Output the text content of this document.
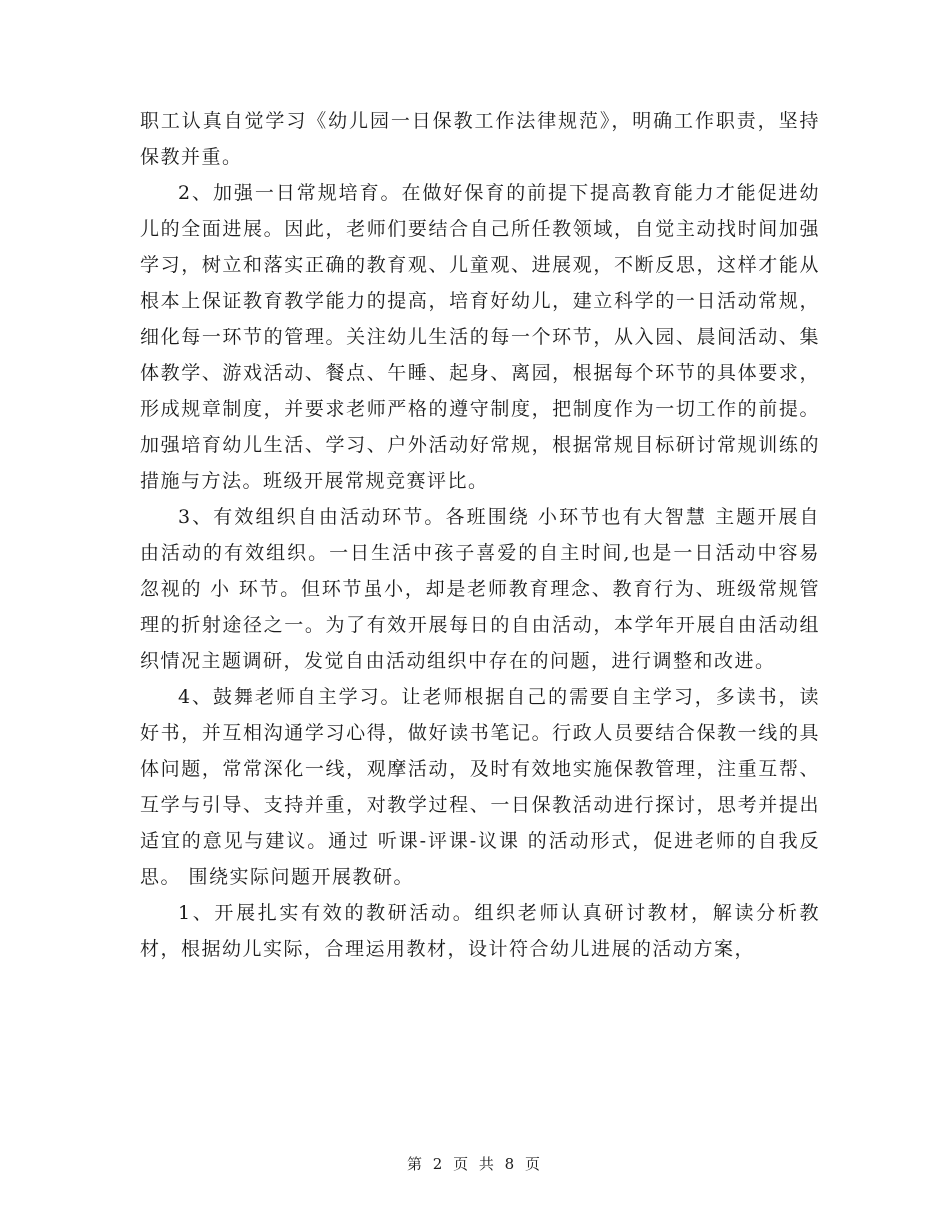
职工认真自觉学习《幼儿园一日保教工作法律规范》，明确工作职责，坚持保教并重。

2、加强一日常规培育。在做好保育的前提下提高教育能力才能促进幼儿的全面进展。因此，老师们要结合自己所任教领域，自觉主动找时间加强学习，树立和落实正确的教育观、儿童观、进展观，不断反思，这样才能从根本上保证教育教学能力的提高，培育好幼儿，建立科学的一日活动常规，细化每一环节的管理。关注幼儿生活的每一个环节，从入园、晨间活动、集体教学、游戏活动、餐点、午睡、起身、离园，根据每个环节的具体要求，形成规章制度，并要求老师严格的遵守制度，把制度作为一切工作的前提。加强培育幼儿生活、学习、户外活动好常规，根据常规目标研讨常规训练的措施与方法。班级开展常规竞赛评比。

3、有效组织自由活动环节。各班围绕 小环节也有大智慧 主题开展自由活动的有效组织。一日生活中孩子喜爱的自主时间,也是一日活动中容易忽视的 小 环节。但环节虽小，却是老师教育理念、教育行为、班级常规管理的折射途径之一。为了有效开展每日的自由活动，本学年开展自由活动组织情况主题调研，发觉自由活动组织中存在的问题，进行调整和改进。

4、鼓舞老师自主学习。让老师根据自己的需要自主学习，多读书，读好书，并互相沟通学习心得，做好读书笔记。行政人员要结合保教一线的具体问题，常常深化一线，观摩活动，及时有效地实施保教管理，注重互帮、互学与引导、支持并重，对教学过程、一日保教活动进行探讨，思考并提出适宜的意见与建议。通过 听课-评课-议课 的活动形式，促进老师的自我反思。 围绕实际问题开展教研。

1、开展扎实有效的教研活动。组织老师认真研讨教材，解读分析教材，根据幼儿实际，合理运用教材，设计符合幼儿进展的活动方案，

第 2 页 共 8 页
